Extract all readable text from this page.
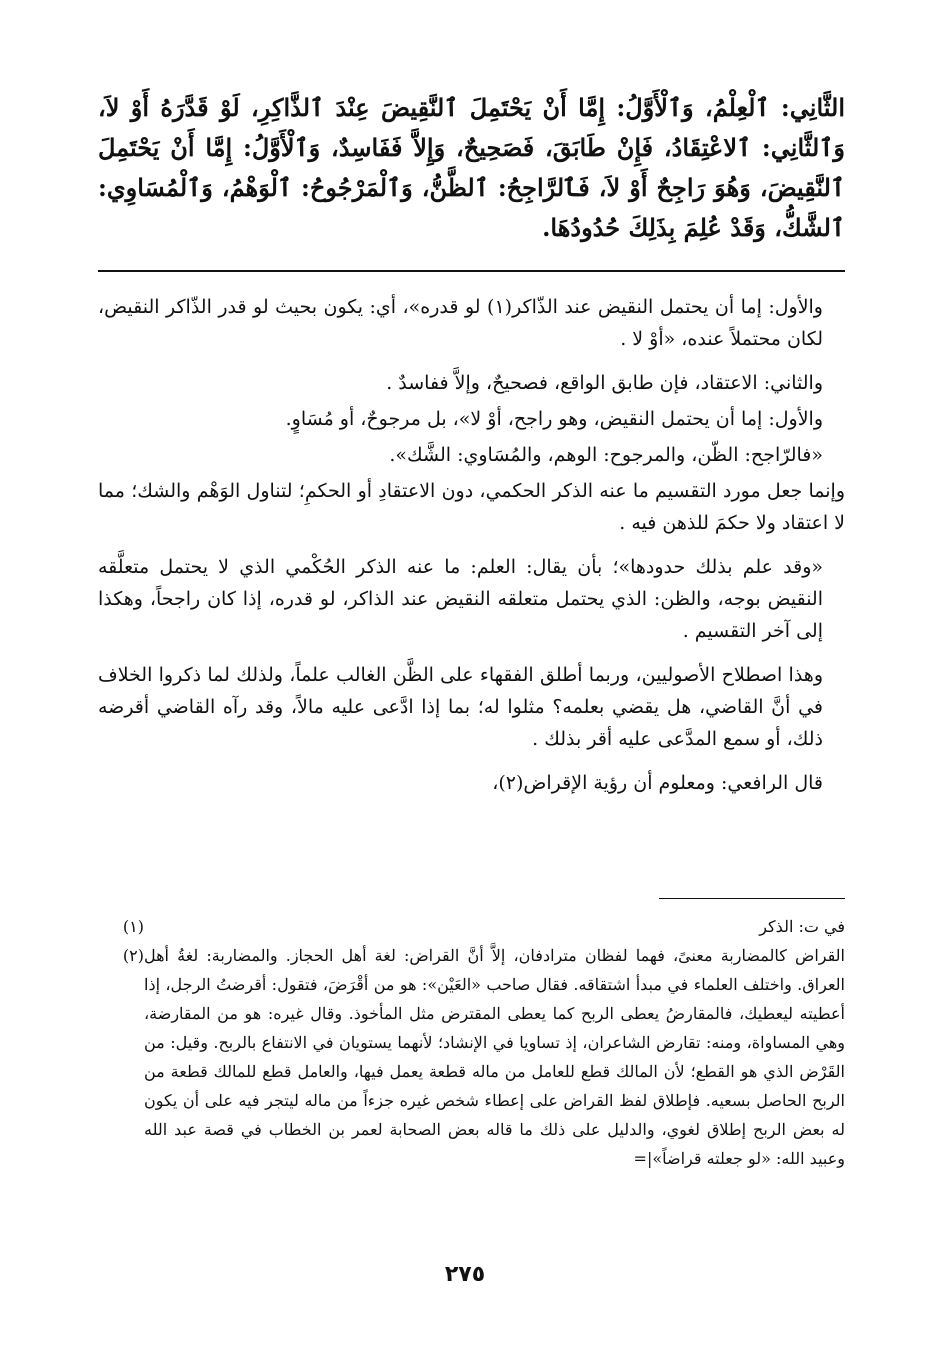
الثَّانِي: ٱلْعِلْمُ، وَٱلْأَوَّلُ: إِمَّا أَنْ يَحْتَمِلَ ٱلنَّقِيضَ عِنْدَ ٱلذَّاكِرِ، لَوْ قَدَّرَهُ أَوْ لاَ، وَٱلثَّانِي: ٱلاعْتِقَادُ، فَإِنْ طَابَقَ، فَصَحِيحٌ، وَإِلاَّ فَفَاسِدٌ، وَٱلْأَوَّلُ: إِمَّا أَنْ يَحْتَمِلَ ٱلنَّقِيضَ، وَهُوَ رَاجِحٌ أَوْ لاَ، فَٱلرَّاجِحُ: ٱلظَّنُّ، وَٱلْمَرْجُوحُ: ٱلْوَهْمُ، وَٱلْمُسَاوِي: ٱلشَّكُّ، وَقَدْ عُلِمَ بِذَلِكَ حُدُودُهَا.

والأول: إما أن يحتمل النقيض عند الذّاكر(١) لو قدره»، أي: يكون بحيث لو قدر الذّاكر النقيض، لكان محتملاً عنده، «أوْ لا .

والثاني: الاعتقاد، فإن طابق الواقع، فصحيحٌ، وإلاَّ ففاسدٌ .

والأول: إما أن يحتمل النقيض، وهو راجح، أوْ لا»، بل مرجوحٌ، أو مُسَاوٍ.

«فالرّاجح: الظّن، والمرجوح: الوهم، والمُسَاوي: الشَّك».

وإنما جعل مورد التقسيم ما عنه الذكر الحكمي، دون الاعتقادِ أو الحكمِ؛ لتناول الوَهْم والشك؛ مما لا اعتقاد ولا حكمَ للذهن فيه .

«وقد علم بذلك حدودها»؛ بأن يقال: العلم: ما عنه الذكر الحُكْمي الذي لا يحتمل متعلَّقه النقيض بوجه، والظن: الذي يحتمل متعلقه النقيض عند الذاكر، لو قدره، إذا كان راجحاً، وهكذا إلى آخر التقسيم .

وهذا اصطلاح الأصوليين، وربما أطلق الفقهاء على الظَّن الغالب علماً، ولذلك لما ذكروا الخلاف في أنَّ القاضي، هل يقضي بعلمه؟ مثلوا له؛ بما إذا ادَّعى عليه مالاً، وقد رآه القاضي أقرضه ذلك، أو سمع المدَّعى عليه أقر بذلك .

قال الرافعي: ومعلوم أن رؤية الإقراض(٢)،

(١)	في ت: الذكر
(٢) القراض كالمضاربة معنىً، فهما لفظان مترادفان، إلاَّ أنَّ القراض: لغة أهل الحجاز. والمضاربة: لغةُ أهل العراق. واختلف العلماء في مبدأ اشتقاقه. فقال صاحب «العَيْن»: هو من أقْرَضَ، فتقول: أقرضتُ الرجل، إذا أعطيته ليعطيك، فالمقارضُ يعطى الربح كما يعطى المقترض مثل المأخوذ. وقال غيره: هو من المقارضة، وهي المساواة، ومنه: تقارض الشاعران، إذ تساويا في الإنشاد؛ لأنهما يستويان في الانتفاع بالربح. وقيل: من القَرْض الذي هو القطع؛ لأن المالك قطع للعامل من ماله قطعة يعمل فيها، والعامل قطع للمالك قطعة من الربح الحاصل بسعيه. فإطلاق لفظ القراض على إعطاء شخص غيره جزءاً من ماله ليتجر فيه على أن يكون له بعض الربح إطلاق لغوي، والدليل على ذلك ما قاله بعض الصحابة لعمر بن الخطاب في قصة عبد الله وعبيد الله: «لو جعلته قراضاً»|=
٢٧٥
